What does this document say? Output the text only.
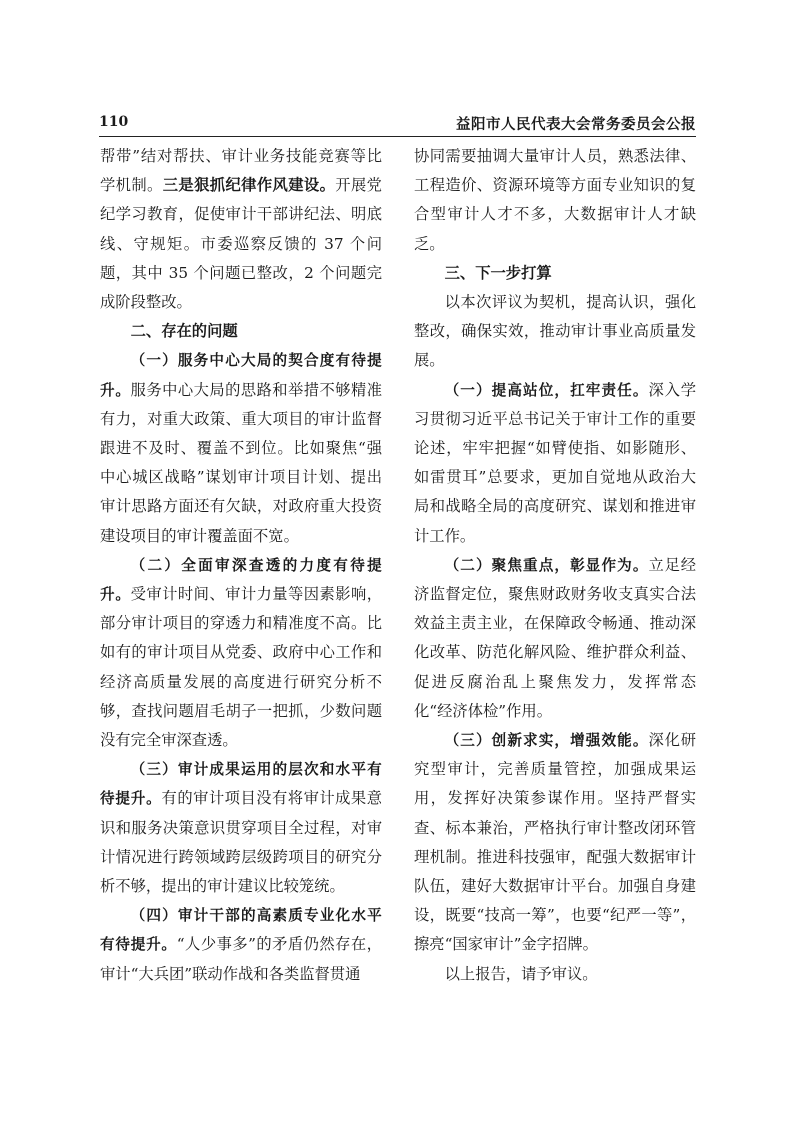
110	益阳市人民代表大会常务委员会公报

帮带”结对帮扶、审计业务技能竞赛等比学机制。三是狠抓纪律作风建设。开展党纪学习教育，促使审计干部讲纪法、明底线、守规矩。市委巡察反馈的 37 个问题，其中 35 个问题已整改，2 个问题完成阶段整改。

二、存在的问题

（一）服务中心大局的契合度有待提升。服务中心大局的思路和举措不够精准有力，对重大政策、重大项目的审计监督跟进不及时、覆盖不到位。比如聚焦“强中心城区战略”谋划审计项目计划、提出审计思路方面还有欠缺，对政府重大投资建设项目的审计覆盖面不宽。

（二）全面审深查透的力度有待提升。受审计时间、审计力量等因素影响，部分审计项目的穿透力和精准度不高。比如有的审计项目从党委、政府中心工作和经济高质量发展的高度进行研究分析不够，查找问题眉毛胡子一把抓，少数问题没有完全审深查透。

（三）审计成果运用的层次和水平有待提升。有的审计项目没有将审计成果意识和服务决策意识贯穿项目全过程，对审计情况进行跨领域跨层级跨项目的研究分析不够，提出的审计建议比较笼统。

（四）审计干部的高素质专业化水平有待提升。“人少事多”的矛盾仍然存在，审计“大兵团”联动作战和各类监督贯通

协同需要抽调大量审计人员，熟悉法律、工程造价、资源环境等方面专业知识的复合型审计人才不多，大数据审计人才缺乏。

三、下一步打算

以本次评议为契机，提高认识，强化整改，确保实效，推动审计事业高质量发展。

（一）提高站位，扛牢责任。深入学习贯彻习近平总书记关于审计工作的重要论述，牢牢把握“如臂使指、如影随形、如雷贯耳”总要求，更加自觉地从政治大局和战略全局的高度研究、谋划和推进审计工作。

（二）聚焦重点，彰显作为。立足经济监督定位，聚焦财政财务收支真实合法效益主责主业，在保障政令畅通、推动深化改革、防范化解风险、维护群众利益、促进反腐治乱上聚焦发力，发挥常态化“经济体检”作用。

（三）创新求实，增强效能。深化研究型审计，完善质量管控，加强成果运用，发挥好决策参谋作用。坚持严督实查、标本兼治，严格执行审计整改闭环管理机制。推进科技强审，配强大数据审计队伍，建好大数据审计平台。加强自身建设，既要“技高一筹”，也要“纪严一等”，擦亮“国家审计”金字招牌。

以上报告，请予审议。
